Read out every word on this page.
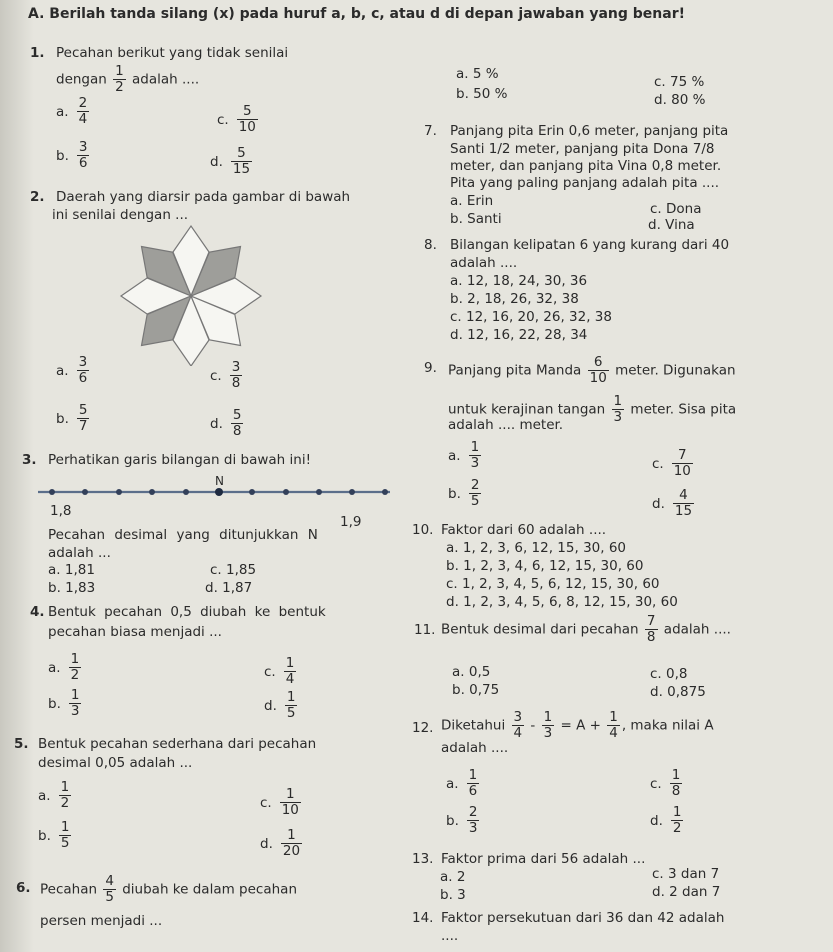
A. Berilah tanda silang (x) pada huruf a, b, c, atau d di depan jawaban yang benar!
1. Pecahan berikut yang tidak senilai
dengan $\frac{1}{2}$ adalah ....
a. $\frac{2}{4}$	c. $\frac{5}{10}$
b. $\frac{3}{6}$	d. $\frac{5}{15}$
2. Daerah yang diarsir pada gambar di bawah
ini senilai dengan ...
a. $\frac{3}{6}$	c. $\frac{3}{8}$
b. $\frac{5}{7}$	d. $\frac{5}{8}$
3. Perhatikan garis bilangan di bawah ini!
N
1,8
1,9
Pecahan desimal yang ditunjukkan N
adalah ...
a. 1,81	c. 1,85
b. 1,83	d. 1,87
4. Bentuk pecahan 0,5 diubah ke bentuk
pecahan biasa menjadi ...
a. $\frac{1}{2}$	c. $\frac{1}{4}$
b. $\frac{1}{3}$	d. $\frac{1}{5}$
5. Bentuk pecahan sederhana dari pecahan
desimal 0,05 adalah ...
a. $\frac{1}{2}$	c. $\frac{1}{10}$
b. $\frac{1}{5}$	d. $\frac{1}{20}$
6. Pecahan $\frac{4}{5}$ diubah ke dalam pecahan
persen menjadi ...
a. 5 %	c. 75 %
b. 50 %	d. 80 %
7. Panjang pita Erin 0,6 meter, panjang pita
Santi 1/2 meter, panjang pita Dona 7/8
meter, dan panjang pita Vina 0,8 meter.
Pita yang paling panjang adalah pita ....
a. Erin	c. Dona
b. Santi	d. Vina
8. Bilangan kelipatan 6 yang kurang dari 40
adalah ....
a. 12, 18, 24, 30, 36
b. 2, 18, 26, 32, 38
c. 12, 16, 20, 26, 32, 38
d. 12, 16, 22, 28, 34
9. Panjang pita Manda $\frac{6}{10}$ meter. Digunakan
untuk kerajinan tangan $\frac{1}{3}$ meter. Sisa pita
adalah .... meter.
a. $\frac{1}{3}$	c. $\frac{7}{10}$
b. $\frac{2}{5}$	d. $\frac{4}{15}$
10. Faktor dari 60 adalah ....
a. 1, 2, 3, 6, 12, 15, 30, 60
b. 1, 2, 3, 4, 6, 12, 15, 30, 60
c. 1, 2, 3, 4, 5, 6, 12, 15, 30, 60
d. 1, 2, 3, 4, 5, 6, 8, 12, 15, 30, 60
11. Bentuk desimal dari pecahan $\frac{7}{8}$ adalah ....
a. 0,5	c. 0,8
b. 0,75	d. 0,875
12. Diketahui $\frac{3}{4} - \frac{1}{3} = A + \frac{1}{4}$ , maka nilai A
adalah ....
a. $\frac{1}{6}$	c. $\frac{1}{8}$
b. $\frac{2}{3}$	d. $\frac{1}{2}$
13. Faktor prima dari 56 adalah ...
a. 2	c. 3 dan 7
b. 3	d. 2 dan 7
14. Faktor persekutuan dari 36 dan 42 adalah
....
